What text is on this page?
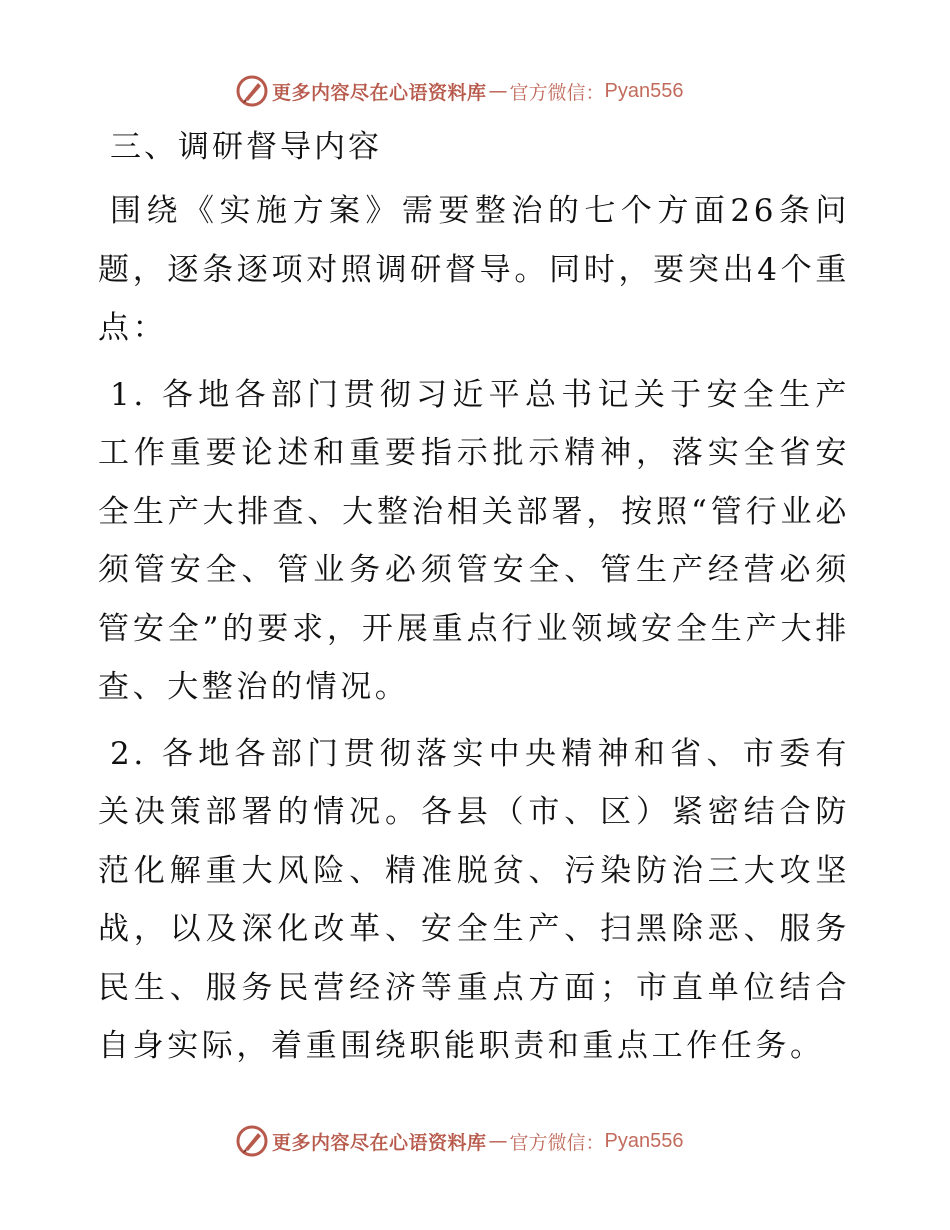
更多内容尽在心语资料库 — 官方微信： Pyan556
三、调研督导内容

围绕《实施方案》需要整治的七个方面26条问题，逐条逐项对照调研督导。同时，要突出4个重点：

1. 各地各部门贯彻习近平总书记关于安全生产工作重要论述和重要指示批示精神，落实全省安全生产大排查、大整治相关部署，按照“管行业必须管安全、管业务必须管安全、管生产经营必须管安全”的要求，开展重点行业领域安全生产大排查、大整治的情况。

2. 各地各部门贯彻落实中央精神和省、市委有关决策部署的情况。各县（市、区）紧密结合防范化解重大风险、精准脱贫、污染防治三大攻坚战，以及深化改革、安全生产、扫黑除恶、服务民生、服务民营经济等重点方面；市直单位结合自身实际，着重围绕职能职责和重点工作任务。

更多内容尽在心语资料库 — 官方微信： Pyan556
